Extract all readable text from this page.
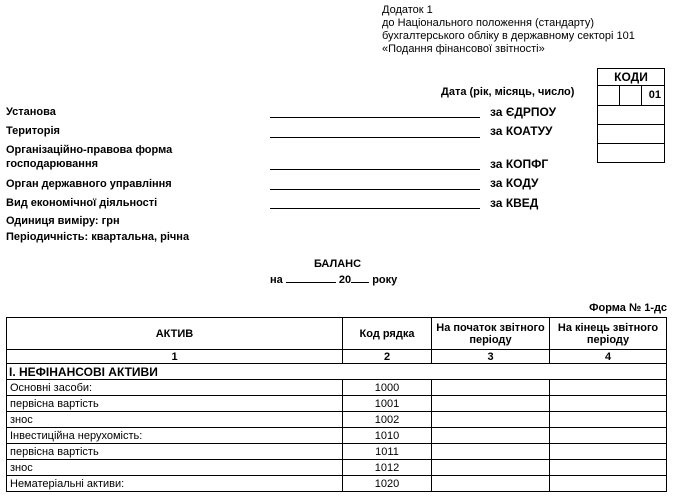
Додаток 1
до Національного положення (стандарту)
бухгалтерського обліку в державному секторі 101
«Подання фінансової звітності»
КОДИ
01
Дата (рік, місяць, число)
Установа	за ЄДРПОУ
Територія	за КОАТУУ
Організаційно-правова форма
господарювання	за КОПФГ
Орган державного управління	за КОДУ
Вид економічної діяльності	за КВЕД
Одиниця виміру: грн
Періодичність: квартальна, річна
БАЛАНС
на	20 року
Форма № 1-дс
АКТИВ	Код рядка	На початок звітного періоду	На кінець звітного періоду
1	2	3	4
I. НЕФІНАНСОВІ АКТИВИ			
Основні засоби:	1000		
первісна вартість	1001		
знос	1002		
Інвестиційна нерухомість:	1010		
первісна вартість	1011		
знос	1012		
Нематеріальні активи:	1020		
